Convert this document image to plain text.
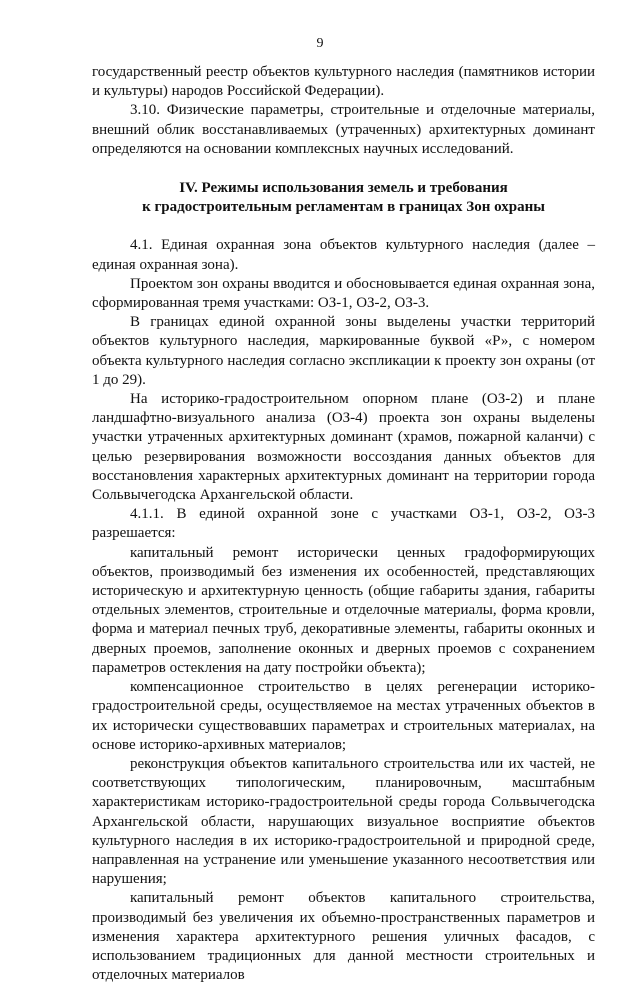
9

государственный реестр объектов культурного наследия (памятников истории и культуры) народов Российской Федерации).

3.10. Физические параметры, строительные и отделочные материалы, внешний облик восстанавливаемых (утраченных) архитектурных доминант определяются на основании комплексных научных исследований.

IV. Режимы использования земель и требования
к градостроительным регламентам в границах Зон охраны

4.1. Единая охранная зона объектов культурного наследия (далее – единая охранная зона).

Проектом зон охраны вводится и обосновывается единая охранная зона, сформированная тремя участками: ОЗ-1, ОЗ-2, ОЗ-3.

В границах единой охранной зоны выделены участки территорий объектов культурного наследия, маркированные буквой «Р», с номером объекта культурного наследия согласно экспликации к проекту зон охраны (от 1 до 29).

На историко-градостроительном опорном плане (ОЗ-2) и плане ландшафтно-визуального анализа (ОЗ-4) проекта зон охраны выделены участки утраченных архитектурных доминант (храмов, пожарной каланчи) с целью резервирования возможности воссоздания данных объектов для восстановления характерных архитектурных доминант на территории города Сольвычегодска Архангельской области.

4.1.1. В единой охранной зоне с участками ОЗ-1, ОЗ-2, ОЗ-3 разрешается:

капитальный ремонт исторически ценных градоформирующих объектов, производимый без изменения их особенностей, представляющих историческую и архитектурную ценность (общие габариты здания, габариты отдельных элементов, строительные и отделочные материалы, форма кровли, форма и материал печных труб, декоративные элементы, габариты оконных и дверных проемов, заполнение оконных и дверных проемов с сохранением параметров остекления на дату постройки объекта);

компенсационное строительство в целях регенерации историко-градостроительной среды, осуществляемое на местах утраченных объектов в их исторически существовавших параметрах и строительных материалах, на основе историко-архивных материалов;

реконструкция объектов капитального строительства или их частей, не соответствующих типологическим, планировочным, масштабным характеристикам историко-градостроительной среды города Сольвычегодска Архангельской области, нарушающих визуальное восприятие объектов культурного наследия в их историко-градостроительной и природной среде, направленная на устранение или уменьшение указанного несоответствия или нарушения;

капитальный ремонт объектов капитального строительства, производимый без увеличения их объемно-пространственных параметров и изменения характера архитектурного решения уличных фасадов, с использованием традиционных для данной местности строительных и отделочных материалов
